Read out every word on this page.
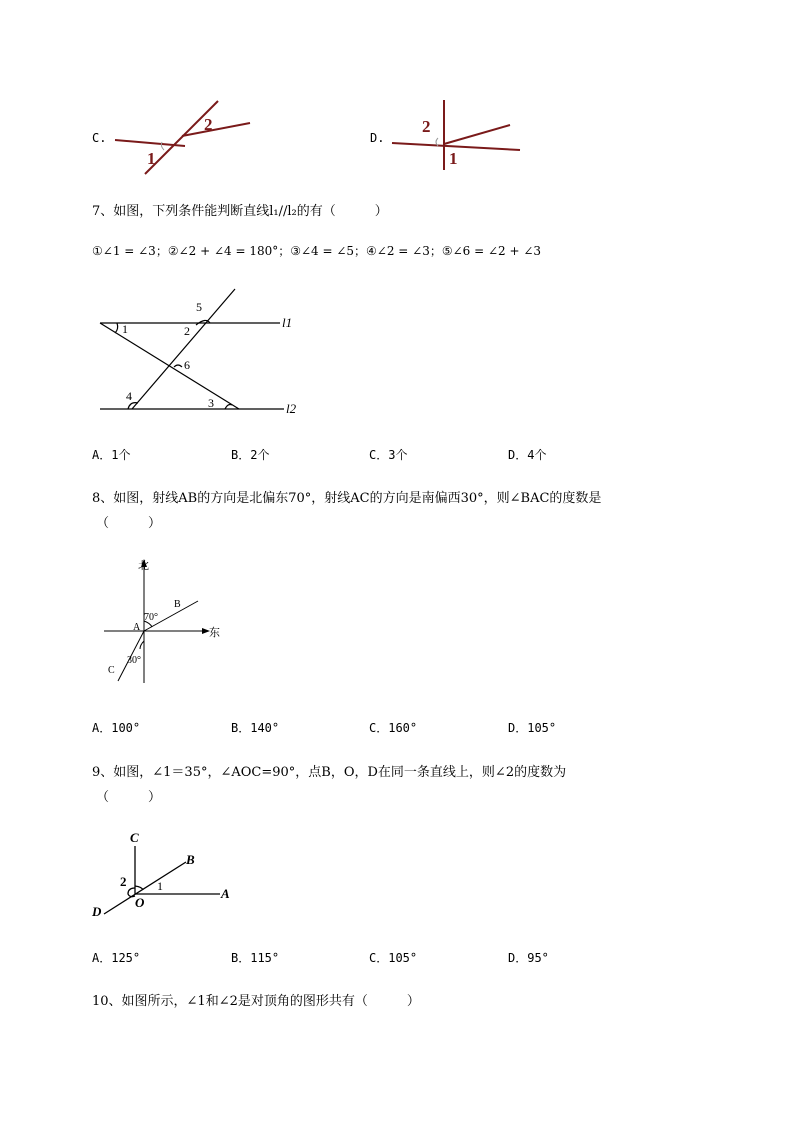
C.
1
2
D.
2
1
7、如图，下列条件能判断直线l₁//l₂的有（　　　）
①∠1 = ∠3；②∠2 + ∠4 = 180°；③∠4 = ∠5；④∠2 = ∠3；⑤∠6 = ∠2 + ∠3
1	2
5
6
4	3
l1
l2
A．1个	B．2个	C．3个	D．4个
8、如图，射线AB的方向是北偏东70°，射线AC的方向是南偏西30°，则∠BAC的度数是
（　　　）
北
东
A
B
C
70°
30°
A．100°	B．140°	C．160°	D．105°
9、如图，∠1＝35°，∠AOC=90°，点B，O，D在同一条直线上，则∠2的度数为
（　　　）
C
B
A
D
O
2	1
A．125°	B．115°	C．105°	D．95°
10、如图所示，∠1和∠2是对顶角的图形共有（　　　）
